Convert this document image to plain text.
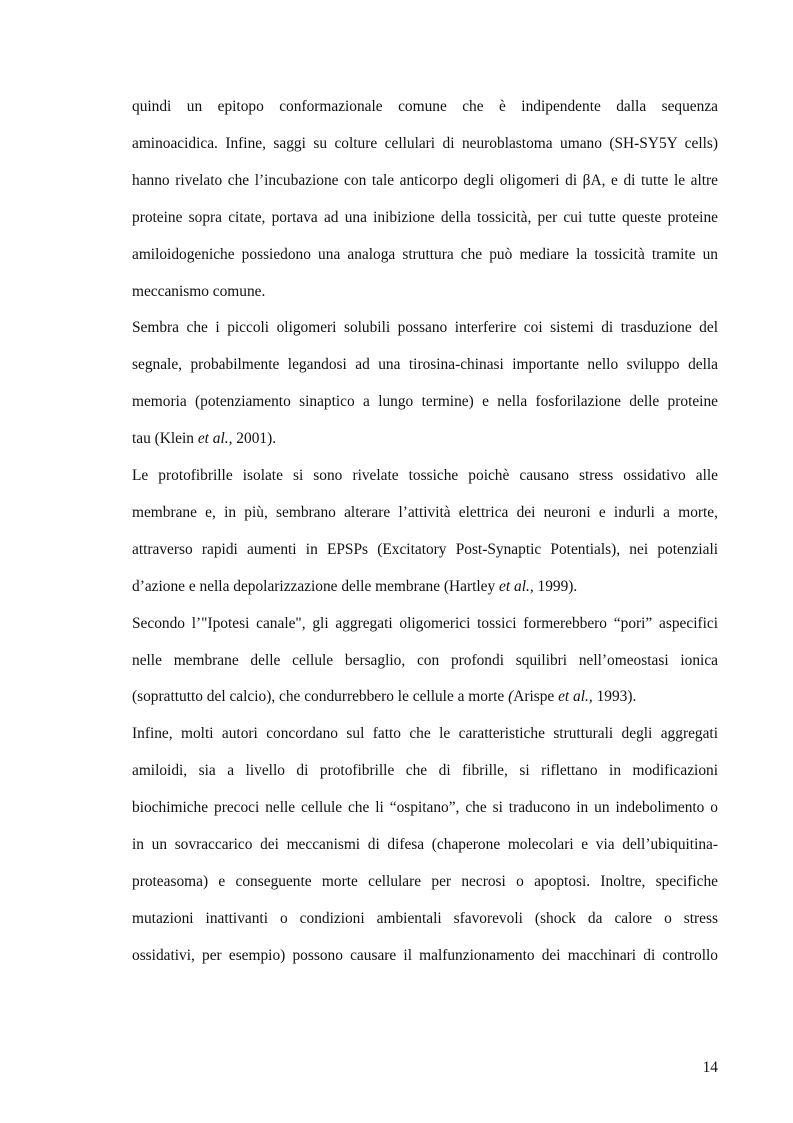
quindi un epitopo conformazionale comune che è indipendente dalla sequenza
aminoacidica. Infine, saggi su colture cellulari di neuroblastoma umano (SH-SY5Y cells)
hanno rivelato che l’incubazione con tale anticorpo degli oligomeri di βA, e di tutte le altre
proteine sopra citate, portava ad una inibizione della tossicità, per cui tutte queste proteine
amiloidogeniche possiedono una analoga struttura che può mediare la tossicità tramite un
meccanismo comune.
Sembra che i piccoli oligomeri solubili possano interferire coi sistemi di trasduzione del
segnale, probabilmente legandosi ad una tirosina-chinasi importante nello sviluppo della
memoria (potenziamento sinaptico a lungo termine) e nella fosforilazione delle proteine
tau (Klein et al., 2001).
Le protofibrille isolate si sono rivelate tossiche poichè causano stress ossidativo alle
membrane e, in più, sembrano alterare l’attività elettrica dei neuroni e indurli a morte,
attraverso rapidi aumenti in EPSPs (Excitatory Post-Synaptic Potentials), nei potenziali
d’azione e nella depolarizzazione delle membrane (Hartley et al., 1999).
Secondo l’"Ipotesi canale", gli aggregati oligomerici tossici formerebbero “pori” aspecifici
nelle membrane delle cellule bersaglio, con profondi squilibri nell’omeostasi ionica
(soprattutto del calcio), che condurrebbero le cellule a morte (Arispe et al., 1993).
Infine, molti autori concordano sul fatto che le caratteristiche strutturali degli aggregati
amiloidi, sia a livello di protofibrille che di fibrille, si riflettano in modificazioni
biochimiche precoci nelle cellule che li “ospitano”, che si traducono in un indebolimento o
in un sovraccarico dei meccanismi di difesa (chaperone molecolari e via dell’ubiquitina-
proteasoma) e conseguente morte cellulare per necrosi o apoptosi. Inoltre, specifiche
mutazioni inattivanti o condizioni ambientali sfavorevoli (shock da calore o stress
ossidativi, per esempio) possono causare il malfunzionamento dei macchinari di controllo
14
